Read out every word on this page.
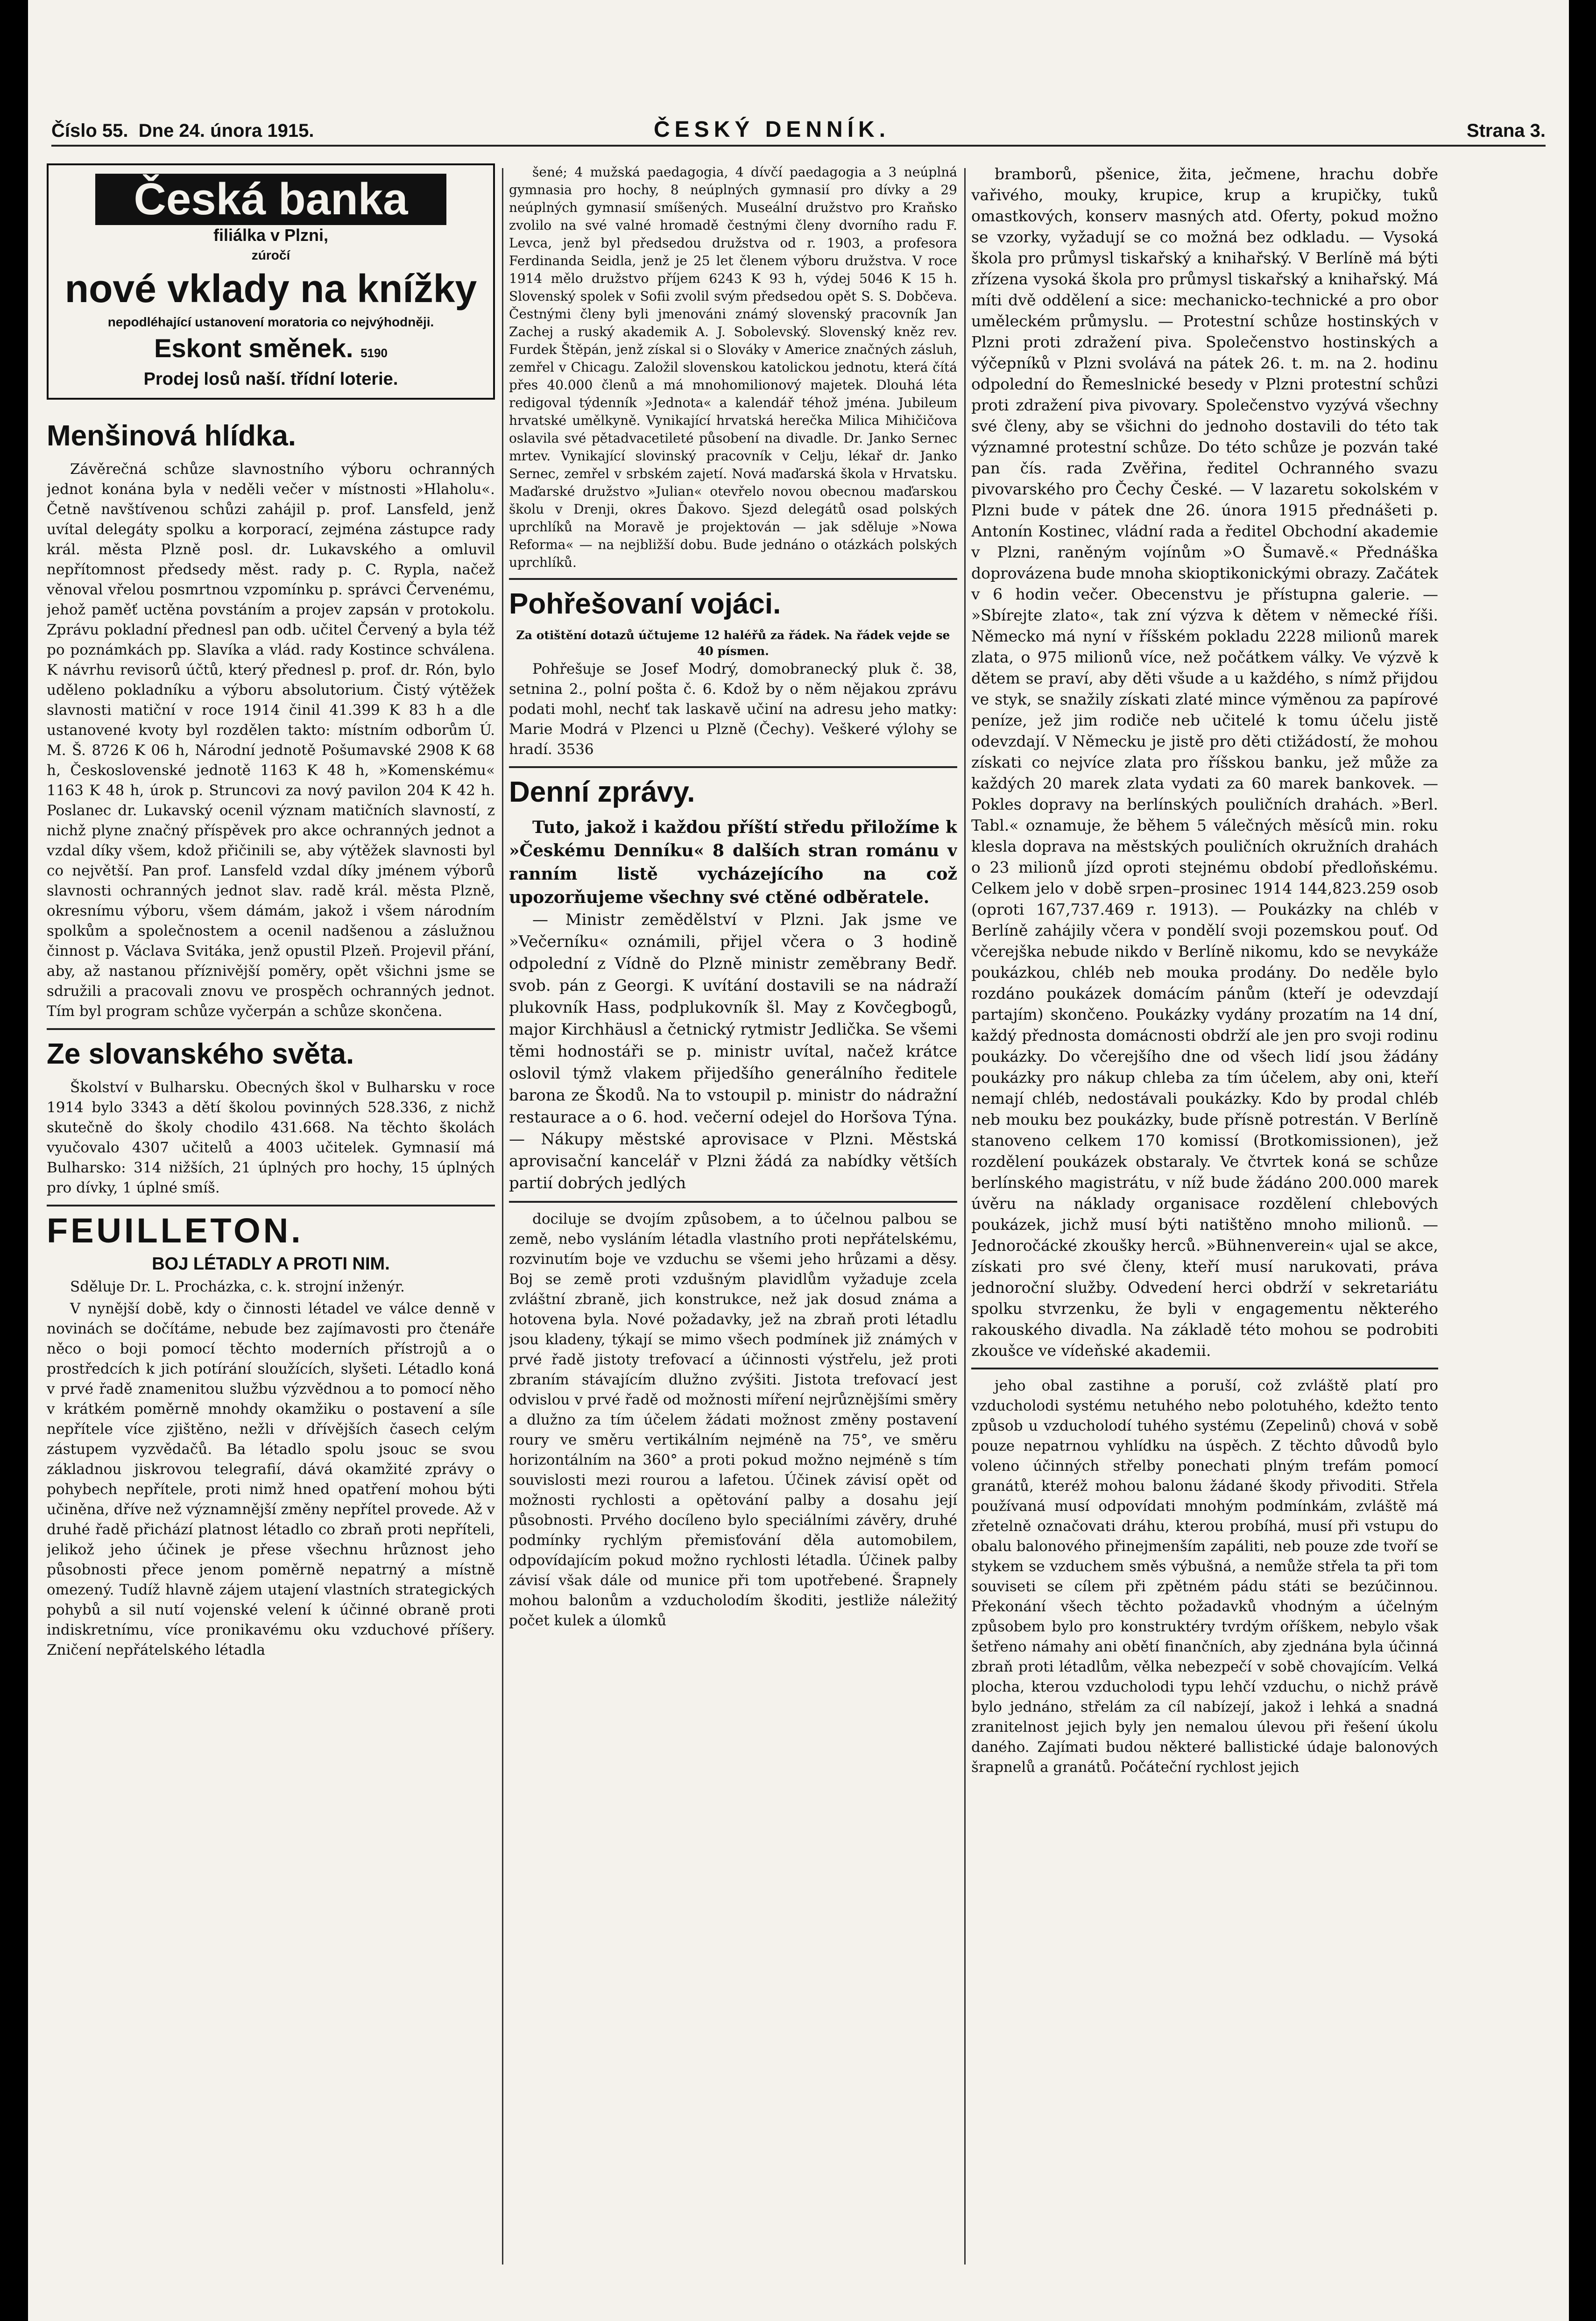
Číslo 55. Dne 24. února 1915.	ČESKÝ DENNÍK.	Strana 3.
Česká banka
filiálka v Plzni,
zúročí
nové vklady na knížky
nepodléhající ustanovení moratoria co nejvýhodněji.
Eskont směnek. 5190
Prodej losů naší. třídní loterie.
Menšinová hlídka.

Závěrečná schůze slavnostního výboru ochranných jednot konána byla v neděli večer v místnosti »Hlaholu«. Četně navštívenou schůzi zahájil p. prof. Lansfeld, jenž uvítal delegáty spolku a korporací, zejména zástupce rady král. města Plzně posl. dr. Lukavského a omluvil nepřítomnost předsedy měst. rady p. C. Rypla, načež věnoval vřelou posmrtnou vzpomínku p. správci Červenému, jehož paměť uctěna povstáním a projev zapsán v protokolu. Zprávu pokladní přednesl pan odb. učitel Červený a byla též po poznámkách pp. Slavíka a vlád. rady Kostince schválena. K návrhu revisorů účtů, který přednesl p. prof. dr. Rón, bylo uděleno pokladníku a výboru absolutorium. Čistý výtěžek slavnosti matiční v roce 1914 činil 41.399 K 83 h a dle ustanovené kvoty byl rozdělen takto: místním odborům Ú. M. Š. 8726 K 06 h, Národní jednotě Pošumavské 2908 K 68 h, Československé jednotě 1163 K 48 h, »Komenskému« 1163 K 48 h, úrok p. Struncovi za nový pavilon 204 K 42 h. Poslanec dr. Lukavský ocenil význam matičních slavností, z nichž plyne značný příspěvek pro akce ochranných jednot a vzdal díky všem, kdož přičinili se, aby výtěžek slavnosti byl co největší. Pan prof. Lansfeld vzdal díky jménem výborů slavnosti ochranných jednot slav. radě král. města Plzně, okresnímu výboru, všem dámám, jakož i všem národním spolkům a společnostem a ocenil nadšenou a záslužnou činnost p. Václava Svitáka, jenž opustil Plzeň. Projevil přání, aby, až nastanou příznivější poměry, opět všichni jsme se sdružili a pracovali znovu ve prospěch ochranných jednot. Tím byl program schůze vyčerpán a schůze skončena.

Ze slovanského světa.

Školství v Bulharsku. Obecných škol v Bulharsku v roce 1914 bylo 3343 a dětí školou povinných 528.336, z nichž skutečně do školy chodilo 431.668. Na těchto školách vyučovalo 4307 učitelů a 4003 učitelek. Gymnasií má Bulharsko: 314 nižších, 21 úplných pro hochy, 15 úplných pro dívky, 1 úplné smíš.

FEUILLETON.
BOJ LÉTADLY A PROTI NIM.

Sděluje Dr. L. Procházka, c. k. strojní inženýr.

V nynější době, kdy o činnosti létadel ve válce denně v novinách se dočítáme, nebude bez zajímavosti pro čtenáře něco o boji pomocí těchto moderních přístrojů a o prostředcích k jich potírání sloužících, slyšeti. Létadlo koná v prvé řadě znamenitou službu výzvědnou a to pomocí něho v krátkém poměrně mnohdy okamžiku o postavení a síle nepřítele více zjištěno, nežli v dřívějších časech celým zástupem vyzvědačů. Ba létadlo spolu jsouc se svou základnou jiskrovou telegrafií, dává okamžité zprávy o pohybech nepřítele, proti nimž hned opatření mohou býti učiněna, dříve než významnější změny nepřítel provede. Až v druhé řadě přichází platnost létadlo co zbraň proti nepříteli, jelikož jeho účinek je přese všechnu hrůznost jeho působnosti přece jenom poměrně nepatrný a místně omezený. Tudíž hlavně zájem utajení vlastních strategických pohybů a sil nutí vojenské velení k účinné obraně proti indiskretnímu, více pronikavému oku vzduchové příšery. Zničení nepřátelského létadla

šené; 4 mužská paedagogia, 4 dívčí paedagogia a 3 neúplná gymnasia pro hochy, 8 neúplných gymnasií pro dívky a 29 neúplných gymnasií smíšených. Museální družstvo pro Kraňsko zvolilo na své valné hromadě čestnými členy dvorního radu F. Levca, jenž byl předsedou družstva od r. 1903, a profesora Ferdinanda Seidla, jenž je 25 let členem výboru družstva. V roce 1914 mělo družstvo příjem 6243 K 93 h, výdej 5046 K 15 h. Slovenský spolek v Sofii zvolil svým předsedou opět S. S. Dobčeva. Čestnými členy byli jmenováni známý slovenský pracovník Jan Zachej a ruský akademik A. J. Sobolevský. Slovenský kněz rev. Furdek Štěpán, jenž získal si o Slováky v Americe značných zásluh, zemřel v Chicagu. Založil slovenskou katolickou jednotu, která čítá přes 40.000 členů a má mnohomilionový majetek. Dlouhá léta redigoval týdenník »Jednota« a kalendář téhož jména. Jubileum hrvatské umělkyně. Vynikající hrvatská herečka Milica Mihičičova oslavila své pětadvacetileté působení na divadle. Dr. Janko Sernec mrtev. Vynikající slovinský pracovník v Celju, lékař dr. Janko Sernec, zemřel v srbském zajetí. Nová maďarská škola v Hrvatsku. Maďarské družstvo »Julian« otevřelo novou obecnou maďarskou školu v Drenji, okres Ďakovo. Sjezd delegátů osad polských uprchlíků na Moravě je projektován — jak sděluje »Nowa Reforma« — na nejbližší dobu. Bude jednáno o otázkách polských uprchlíků.

Pohřešovaní vojáci.
Za otištění dotazů účtujeme 12 haléřů za řádek. Na řádek vejde se 40 písmen.

Pohřešuje se Josef Modrý, domobranecký pluk č. 38, setnina 2., polní pošta č. 6. Kdož by o něm nějakou zprávu podati mohl, nechť tak laskavě učiní na adresu jeho matky: Marie Modrá v Plzenci u Plzně (Čechy). Veškeré výlohy se hradí. 3536

Denní zprávy.

Tuto, jakož i každou příští středu přiložíme k »Českému Denníku« 8 dalších stran románu v ranním listě vycházejícího na což upozorňujeme všechny své ctěné odběratele.

— Ministr zemědělství v Plzni. Jak jsme ve »Večerníku« oznámili, přijel včera o 3 hodině odpolední z Vídně do Plzně ministr zeměbrany Bedř. svob. pán z Georgi. K uvítání dostavili se na nádraží plukovník Hass, podplukovník šl. May z Kovčegbogů, major Kirchhäusl a četnický rytmistr Jedlička. Se všemi těmi hodnostáři se p. ministr uvítal, načež krátce oslovil týmž vlakem přijedšího generálního ředitele barona ze Škodů. Na to vstoupil p. ministr do nádražní restaurace a o 6. hod. večerní odejel do Horšova Týna. — Nákupy městské aprovisace v Plzni. Městská aprovisační kancelář v Plzni žádá za nabídky větších partií dobrých jedlých

dociluje se dvojím způsobem, a to účelnou palbou se země, nebo vysláním létadla vlastního proti nepřátelskému, rozvinutím boje ve vzduchu se všemi jeho hrůzami a děsy. Boj se země proti vzdušným plavidlům vyžaduje zcela zvláštní zbraně, jich konstrukce, než jak dosud známa a hotovena byla. Nové požadavky, jež na zbraň proti létadlu jsou kladeny, týkají se mimo všech podmínek již známých v prvé řadě jistoty trefovací a účinnosti výstřelu, jež proti zbraním stávajícím dlužno zvýšiti. Jistota trefovací jest odvislou v prvé řadě od možnosti míření nejrůznějšími směry a dlužno za tím účelem žádati možnost změny postavení roury ve směru vertikálním nejméně na 75°, ve směru horizontálním na 360° a proti pokud možno nejméně s tím souvislosti mezi rourou a lafetou. Účinek závisí opět od možnosti rychlosti a opětování palby a dosahu její působnosti. Prvého docíleno bylo speciálními závěry, druhé podmínky rychlým přemisťování děla automobilem, odpovídajícím pokud možno rychlosti létadla. Účinek palby závisí však dále od munice při tom upotřebené. Šrapnely mohou balonům a vzducholodím škoditi, jestliže náležitý počet kulek a úlomků

bramborů, pšenice, žita, ječmene, hrachu dobře vařivého, mouky, krupice, krup a krupičky, tuků omastkových, konserv masných atd. Oferty, pokud možno se vzorky, vyžadují se co možná bez odkladu. — Vysoká škola pro průmysl tiskařský a knihařský. V Berlíně má býti zřízena vysoká škola pro průmysl tiskařský a knihařský. Má míti dvě oddělení a sice: mechanicko-technické a pro obor uměleckém průmyslu. — Protestní schůze hostinských v Plzni proti zdražení piva. Společenstvo hostinských a výčepníků v Plzni svolává na pátek 26. t. m. na 2. hodinu odpolední do Řemeslnické besedy v Plzni protestní schůzi proti zdražení piva pivovary. Společenstvo vyzývá všechny své členy, aby se všichni do jednoho dostavili do této tak významné protestní schůze. Do této schůze je pozván také pan čís. rada Zvěřina, ředitel Ochranného svazu pivovarského pro Čechy České. — V lazaretu sokolském v Plzni bude v pátek dne 26. února 1915 přednášeti p. Antonín Kostinec, vládní rada a ředitel Obchodní akademie v Plzni, raněným vojínům »O Šumavě.« Přednáška doprovázena bude mnoha skioptikonickými obrazy. Začátek v 6 hodin večer. Obecenstvu je přístupna galerie. — »Sbírejte zlato«, tak zní výzva k dětem v německé říši. Německo má nyní v říšském pokladu 2228 milionů marek zlata, o 975 milionů více, než počátkem války. Ve výzvě k dětem se praví, aby děti všude a u každého, s nímž přijdou ve styk, se snažily získati zlaté mince výměnou za papírové peníze, jež jim rodiče neb učitelé k tomu účelu jistě odevzdají. V Německu je jistě pro děti ctižádostí, že mohou získati co nejvíce zlata pro říšskou banku, jež může za každých 20 marek zlata vydati za 60 marek bankovek. — Pokles dopravy na berlínských pouličních drahách. »Berl. Tabl.« oznamuje, že během 5 válečných měsíců min. roku klesla doprava na městských pouličních okružních drahách o 23 milionů jízd oproti stejnému období předloňskému. Celkem jelo v době srpen–prosinec 1914 144,823.259 osob (oproti 167,737.469 r. 1913). — Poukázky na chléb v Berlíně zahájily včera v pondělí svoji pozemskou pouť. Od včerejška nebude nikdo v Berlíně nikomu, kdo se nevykáže poukázkou, chléb neb mouka prodány. Do neděle bylo rozdáno poukázek domácím pánům (kteří je odevzdají partajím) skončeno. Poukázky vydány prozatím na 14 dní, každý přednosta domácnosti obdrží ale jen pro svoji rodinu poukázky. Do včerejšího dne od všech lidí jsou žádány poukázky pro nákup chleba za tím účelem, aby oni, kteří nemají chléb, nedostávali poukázky. Kdo by prodal chléb neb mouku bez poukázky, bude přísně potrestán. V Berlíně stanoveno celkem 170 komissí (Brotkomissionen), jež rozdělení poukázek obstaraly. Ve čtvrtek koná se schůze berlínského magistrátu, v níž bude žádáno 200.000 marek úvěru na náklady organisace rozdělení chlebových poukázek, jichž musí býti natištěno mnoho milionů. — Jednoročácké zkoušky herců. »Bühnenverein« ujal se akce, získati pro své členy, kteří musí narukovati, práva jednoroční služby. Odvedení herci obdrží v sekretariátu spolku stvrzenku, že byli v engagementu některého rakouského divadla. Na základě této mohou se podrobiti zkoušce ve vídeňské akademii.

jeho obal zastihne a poruší, což zvláště platí pro vzducholodi systému netuhého nebo polotuhého, kdežto tento způsob u vzducholodí tuhého systému (Zepelinů) chová v sobě pouze nepatrnou vyhlídku na úspěch. Z těchto důvodů bylo voleno účinných střelby ponechati plným trefám pomocí granátů, kteréž mohou balonu žádané škody přivoditi. Střela používaná musí odpovídati mnohým podmínkám, zvláště má zřetelně označovati dráhu, kterou probíhá, musí při vstupu do obalu balonového přinejmenším zapáliti, neb pouze zde tvoří se stykem se vzduchem směs výbušná, a nemůže střela ta při tom souviseti se cílem při zpětném pádu státi se bezúčinnou. Překonání všech těchto požadavků vhodným a účelným způsobem bylo pro konstruktéry tvrdým oříškem, nebylo však šetřeno námahy ani obětí finančních, aby zjednána byla účinná zbraň proti létadlům, vělka nebezpečí v sobě chovajícím. Velká plocha, kterou vzducholodi typu lehčí vzduchu, o nichž právě bylo jednáno, střelám za cíl nabízejí, jakož i lehká a snadná zranitelnost jejich byly jen nemalou úlevou při řešení úkolu daného. Zajímati budou některé ballistické údaje balonových šrapnelů a granátů. Počáteční rychlost jejich
